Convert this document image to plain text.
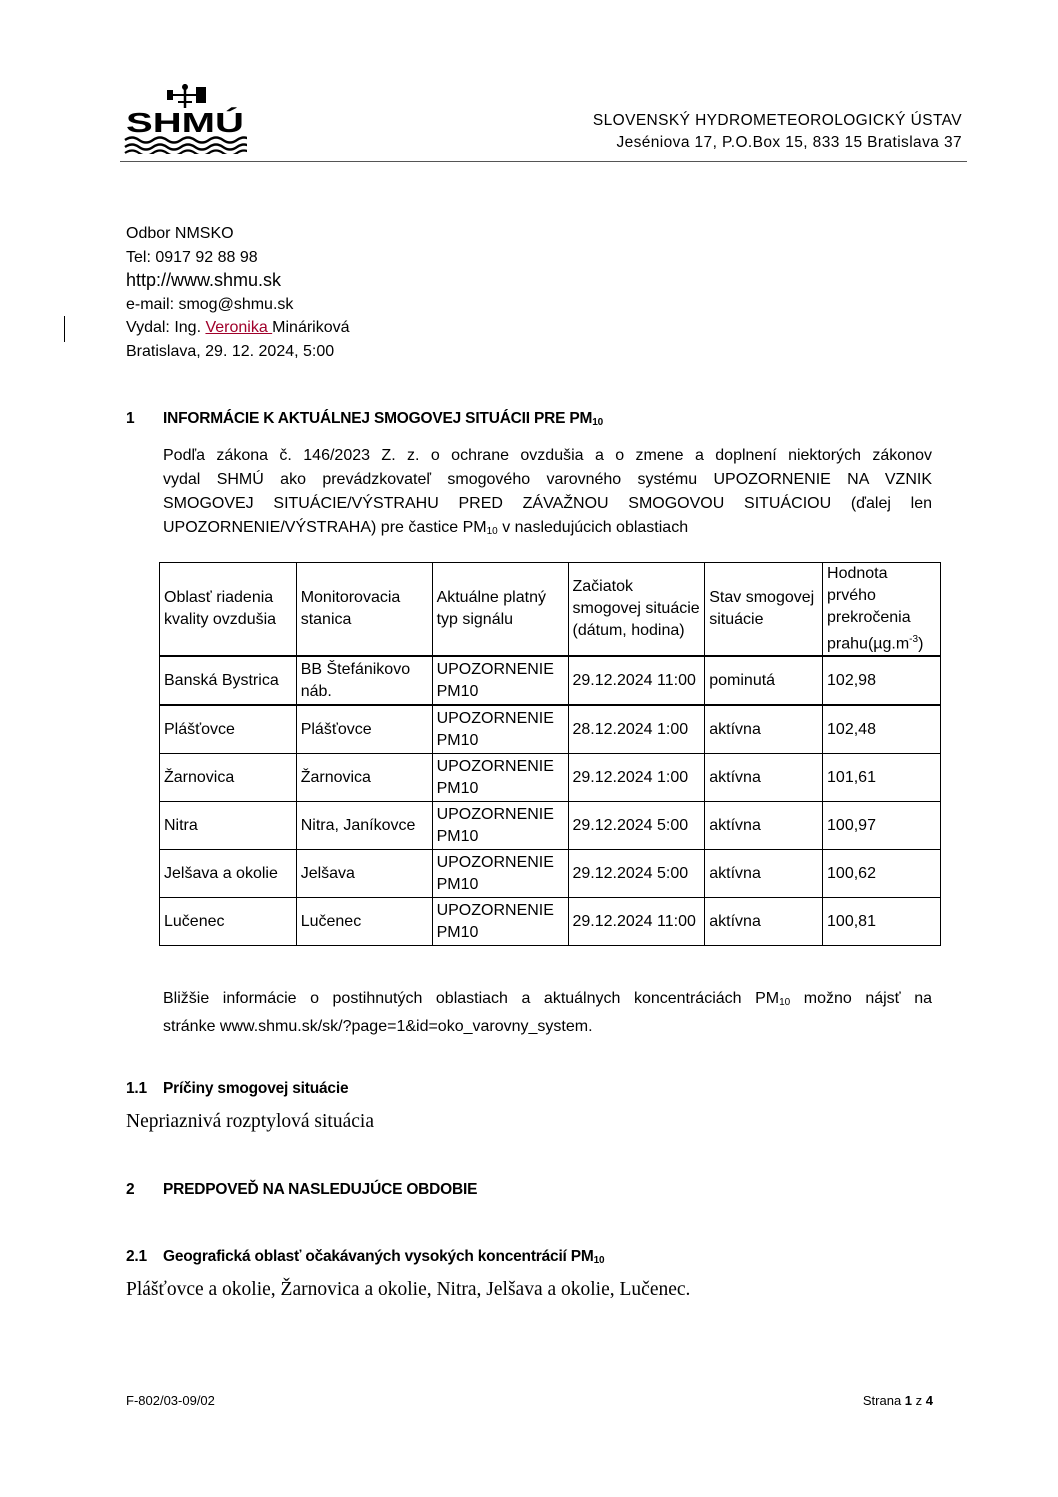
SHMÚ	SLOVENSKÝ HYDROMETEOROLOGICKÝ ÚSTAV
Jeséniova 17, P.O.Box 15, 833 15 Bratislava 37
Odbor NMSKO
Tel: 0917 92 88 98
http://www.shmu.sk
e-mail: smog@shmu.sk
Vydal: Ing. Veronika Mináriková
Bratislava, 29. 12. 2024, 5:00
1 INFORMÁCIE K AKTUÁLNEJ SMOGOVEJ SITUÁCII PRE $PM_{10}$
Podľa zákona č. 146/2023 Z. z. o ochrane ovzdušia a o zmene a doplnení niektorých zákonov
vydal SHMÚ ako prevádzkovateľ smogového varovného systému UPOZORNENIE NA VZNIK
SMOGOVEJ SITUÁCIE/VÝSTRAHU PRED ZÁVAŽNOU SMOGOVOU SITUÁCIOU (ďalej len
UPOZORNENIE/VÝSTRAHA) pre častice $PM_{10}$ v nasledujúcich oblastiach
Oblasť riadenia kvality ovzdušia	Monitorovacia stanica	Aktuálne platný typ signálu	Začiatok smogovej situácie (dátum, hodina)	Stav smogovej situácie	Hodnota prvého prekročenia $prahu(\mu g.m^{-3})$
Banská Bystrica	BB Štefánikovo náb.	UPOZORNENIE PM10	29.12.2024 11:00	pominutá	102,98
Plášťovce	Plášťovce	UPOZORNENIE PM10	28.12.2024 1:00	aktívna	102,48
Žarnovica	Žarnovica	UPOZORNENIE PM10	29.12.2024 1:00	aktívna	101,61
Nitra	Nitra, Janíkovce	UPOZORNENIE PM10	29.12.2024 5:00	aktívna	100,97
Jelšava a okolie	Jelšava	UPOZORNENIE PM10	29.12.2024 5:00	aktívna	100,62
Lučenec	Lučenec	UPOZORNENIE PM10	29.12.2024 11:00	aktívna	100,81
Bližšie informácie o postihnutých oblastiach a aktuálnych koncentráciách $PM_{10}$ možno nájsť na
stránke www.shmu.sk/sk/?page=1&id=oko_varovny_system.
1.1 Príčiny smogovej situácie
Nepriaznivá rozptylová situácia
2 PREDPOVEĎ NA NASLEDUJÚCE OBDOBIE
2.1 Geografická oblasť očakávaných vysokých koncentrácií $PM_{10}$
Plášťovce a okolie, Žarnovica a okolie, Nitra, Jelšava a okolie, Lučenec.
F-802/03-09/02	Strana 1 z 4
